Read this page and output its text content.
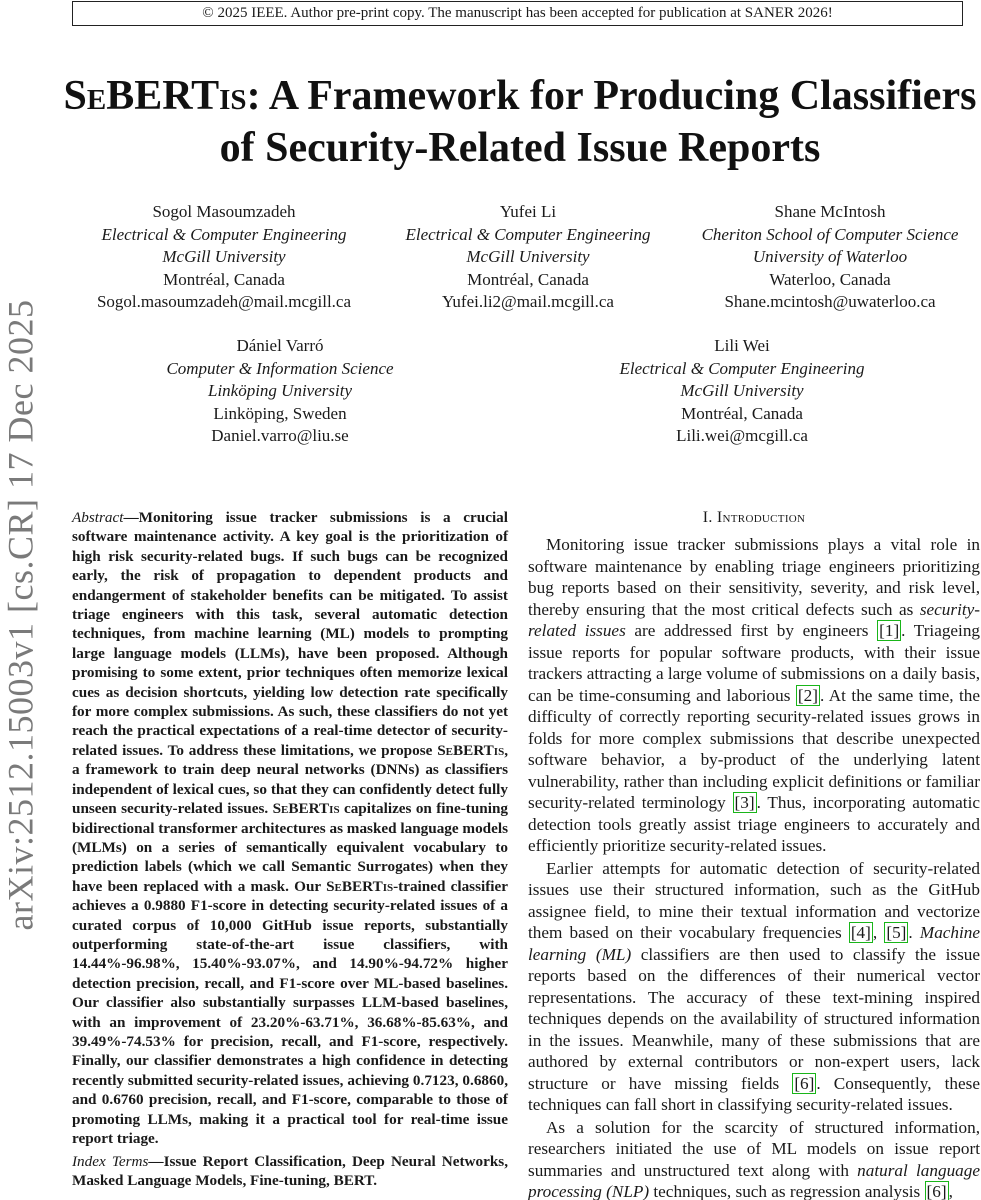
© 2025 IEEE. Author pre-print copy. The manuscript has been accepted for publication at SANER 2026!
arXiv:2512.15003v1 [cs.CR] 17 Dec 2025
SeBERTis: A Framework for Producing Classifiers
of Security-Related Issue Reports
Sogol Masoumzadeh
Electrical & Computer Engineering
McGill University
Montréal, Canada
Sogol.masoumzadeh@mail.mcgill.ca
Yufei Li
Electrical & Computer Engineering
McGill University
Montréal, Canada
Yufei.li2@mail.mcgill.ca
Shane McIntosh
Cheriton School of Computer Science
University of Waterloo
Waterloo, Canada
Shane.mcintosh@uwaterloo.ca
Dániel Varró
Computer & Information Science
Linköping University
Linköping, Sweden
Daniel.varro@liu.se
Lili Wei
Electrical & Computer Engineering
McGill University
Montréal, Canada
Lili.wei@mcgill.ca
Abstract—Monitoring issue tracker submissions is a crucial software maintenance activity. A key goal is the prioritization of high risk security-related bugs. If such bugs can be recognized early, the risk of propagation to dependent products and endangerment of stakeholder benefits can be mitigated. To assist triage engineers with this task, several automatic detection techniques, from machine learning (ML) models to prompting large language models (LLMs), have been proposed. Although promising to some extent, prior techniques often memorize lexical cues as decision shortcuts, yielding low detection rate specifically for more complex submissions. As such, these classifiers do not yet reach the practical expectations of a real-time detector of security-related issues. To address these limitations, we propose SeBERTis, a framework to train deep neural networks (DNNs) as classifiers independent of lexical cues, so that they can confidently detect fully unseen security-related issues. SeBERTis capitalizes on fine-tuning bidirectional transformer architectures as masked language models (MLMs) on a series of semantically equivalent vocabulary to prediction labels (which we call Semantic Surrogates) when they have been replaced with a mask. Our SeBERTis-trained classifier achieves a 0.9880 F1-score in detecting security-related issues of a curated corpus of 10,000 GitHub issue reports, substantially outperforming state-of-the-art issue classifiers, with 14.44%-96.98%, 15.40%-93.07%, and 14.90%-94.72% higher detection precision, recall, and F1-score over ML-based baselines. Our classifier also substantially surpasses LLM-based baselines, with an improvement of 23.20%-63.71%, 36.68%-85.63%, and 39.49%-74.53% for precision, recall, and F1-score, respectively. Finally, our classifier demonstrates a high confidence in detecting recently submitted security-related issues, achieving 0.7123, 0.6860, and 0.6760 precision, recall, and F1-score, comparable to those of promoting LLMs, making it a practical tool for real-time issue report triage.
Index Terms—Issue Report Classification, Deep Neural Networks, Masked Language Models, Fine-tuning, BERT.
I. Introduction

Monitoring issue tracker submissions plays a vital role in software maintenance by enabling triage engineers prioritizing bug reports based on their sensitivity, severity, and risk level, thereby ensuring that the most critical defects such as security-related issues are addressed first by engineers [1] . Triageing issue reports for popular software products, with their issue trackers attracting a large volume of submissions on a daily basis, can be time-consuming and laborious [2] . At the same time, the difficulty of correctly reporting security-related issues grows in folds for more complex submissions that describe unexpected software behavior, a by-product of the underlying latent vulnerability, rather than including explicit definitions or familiar security-related terminology [3] . Thus, incorporating automatic detection tools greatly assist triage engineers to accurately and efficiently prioritize security-related issues.

Earlier attempts for automatic detection of security-related issues use their structured information, such as the GitHub assignee field, to mine their textual information and vectorize them based on their vocabulary frequencies [4] , [5] . Machine learning (ML) classifiers are then used to classify the issue reports based on the differences of their numerical vector representations. The accuracy of these text-mining inspired techniques depends on the availability of structured information in the issues. Meanwhile, many of these submissions that are authored by external contributors or non-expert users, lack structure or have missing fields [6] . Consequently, these techniques can fall short in classifying security-related issues.

As a solution for the scarcity of structured information, researchers initiated the use of ML models on issue report summaries and unstructured text along with natural language processing (NLP) techniques, such as regression analysis [6] ,
